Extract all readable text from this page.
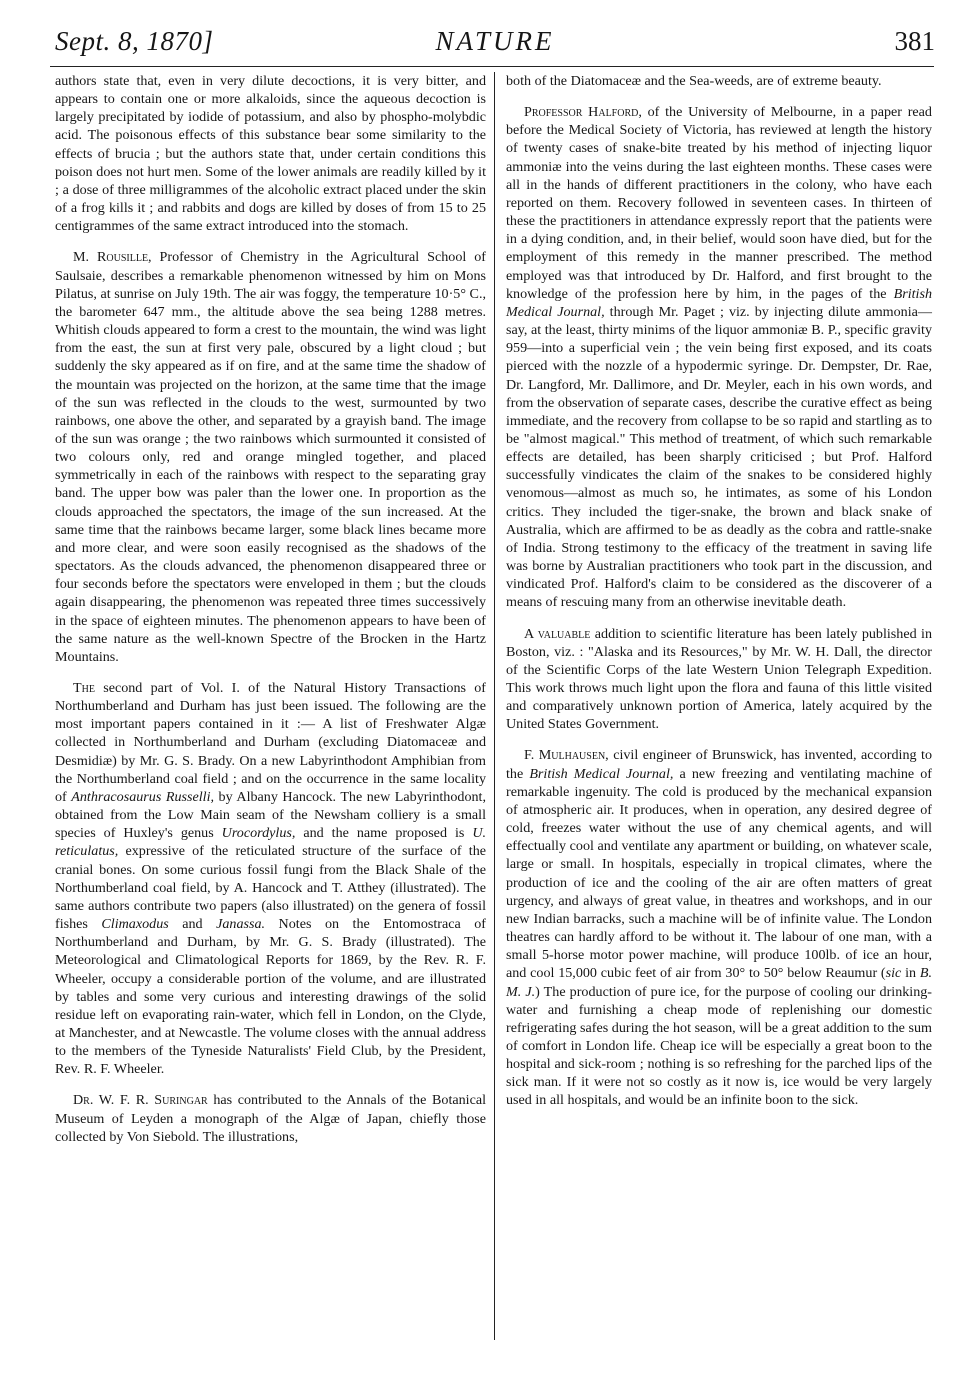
Sept. 8, 1870]	NATURE	381

authors state that, even in very dilute decoctions, it is very bitter, and appears to contain one or more alkaloids, since the aqueous decoction is largely precipitated by iodide of potassium, and also by phospho-molybdic acid. The poisonous effects of this substance bear some similarity to the effects of brucia ; but the authors state that, under certain conditions this poison does not hurt men. Some of the lower animals are readily killed by it ; a dose of three milligrammes of the alcoholic extract placed under the skin of a frog kills it ; and rabbits and dogs are killed by doses of from 15 to 25 centigrammes of the same extract introduced into the stomach.

M. Rousille, Professor of Chemistry in the Agricultural School of Saulsaie, describes a remarkable phenomenon witnessed by him on Mons Pilatus, at sunrise on July 19th. The air was foggy, the temperature 10·5° C., the barometer 647 mm., the altitude above the sea being 1288 metres. Whitish clouds appeared to form a crest to the mountain, the wind was light from the east, the sun at first very pale, obscured by a light cloud ; but suddenly the sky appeared as if on fire, and at the same time the shadow of the mountain was projected on the horizon, at the same time that the image of the sun was reflected in the clouds to the west, surmounted by two rainbows, one above the other, and separated by a grayish band. The image of the sun was orange ; the two rainbows which surmounted it consisted of two colours only, red and orange mingled together, and placed symmetrically in each of the rainbows with respect to the separating gray band. The upper bow was paler than the lower one. In proportion as the clouds approached the spectators, the image of the sun increased. At the same time that the rainbows became larger, some black lines became more and more clear, and were soon easily recognised as the shadows of the spectators. As the clouds advanced, the phenomenon disappeared three or four seconds before the spectators were enveloped in them ; but the clouds again disappearing, the phenomenon was repeated three times successively in the space of eighteen minutes. The phenomenon appears to have been of the same nature as the well-known Spectre of the Brocken in the Hartz Mountains.

The second part of Vol. I. of the Natural History Transactions of Northumberland and Durham has just been issued. The following are the most important papers contained in it :— A list of Freshwater Algæ collected in Northumberland and Durham (excluding Diatomaceæ and Desmidiæ) by Mr. G. S. Brady. On a new Labyrinthodont Amphibian from the Northumberland coal field ; and on the occurrence in the same locality of Anthracosaurus Russelli, by Albany Hancock. The new Labyrinthodont, obtained from the Low Main seam of the Newsham colliery is a small species of Huxley's genus Urocordylus, and the name proposed is U. reticulatus, expressive of the reticulated structure of the surface of the cranial bones. On some curious fossil fungi from the Black Shale of the Northumberland coal field, by A. Hancock and T. Atthey (illustrated). The same authors contribute two papers (also illustrated) on the genera of fossil fishes Climaxodus and Janassa. Notes on the Entomostraca of Northumberland and Durham, by Mr. G. S. Brady (illustrated). The Meteorological and Climatological Reports for 1869, by the Rev. R. F. Wheeler, occupy a considerable portion of the volume, and are illustrated by tables and some very curious and interesting drawings of the solid residue left on evaporating rain-water, which fell in London, on the Clyde, at Manchester, and at Newcastle. The volume closes with the annual address to the members of the Tyneside Naturalists' Field Club, by the President, Rev. R. F. Wheeler.

Dr. W. F. R. Suringar has contributed to the Annals of the Botanical Museum of Leyden a monograph of the Algæ of Japan, chiefly those collected by Von Siebold. The illustrations,

both of the Diatomaceæ and the Sea-weeds, are of extreme beauty.

Professor Halford, of the University of Melbourne, in a paper read before the Medical Society of Victoria, has reviewed at length the history of twenty cases of snake-bite treated by his method of injecting liquor ammoniæ into the veins during the last eighteen months. These cases were all in the hands of different practitioners in the colony, who have each reported on them. Recovery followed in seventeen cases. In thirteen of these the practitioners in attendance expressly report that the patients were in a dying condition, and, in their belief, would soon have died, but for the employment of this remedy in the manner prescribed. The method employed was that introduced by Dr. Halford, and first brought to the knowledge of the profession here by him, in the pages of the British Medical Journal, through Mr. Paget ; viz. by injecting dilute ammonia—say, at the least, thirty minims of the liquor ammoniæ B. P., specific gravity 959—into a superficial vein ; the vein being first exposed, and its coats pierced with the nozzle of a hypodermic syringe. Dr. Dempster, Dr. Rae, Dr. Langford, Mr. Dallimore, and Dr. Meyler, each in his own words, and from the observation of separate cases, describe the curative effect as being immediate, and the recovery from collapse to be so rapid and startling as to be "almost magical." This method of treatment, of which such remarkable effects are detailed, has been sharply criticised ; but Prof. Halford successfully vindicates the claim of the snakes to be considered highly venomous—almost as much so, he intimates, as some of his London critics. They included the tiger-snake, the brown and black snake of Australia, which are affirmed to be as deadly as the cobra and rattle-snake of India. Strong testimony to the efficacy of the treatment in saving life was borne by Australian practitioners who took part in the discussion, and vindicated Prof. Halford's claim to be considered as the discoverer of a means of rescuing many from an otherwise inevitable death.

A valuable addition to scientific literature has been lately published in Boston, viz. : "Alaska and its Resources," by Mr. W. H. Dall, the director of the Scientific Corps of the late Western Union Telegraph Expedition. This work throws much light upon the flora and fauna of this little visited and comparatively unknown portion of America, lately acquired by the United States Government.

F. Mulhausen, civil engineer of Brunswick, has invented, according to the British Medical Journal, a new freezing and ventilating machine of remarkable ingenuity. The cold is produced by the mechanical expansion of atmospheric air. It produces, when in operation, any desired degree of cold, freezes water without the use of any chemical agents, and will effectually cool and ventilate any apartment or building, on whatever scale, large or small. In hospitals, especially in tropical climates, where the production of ice and the cooling of the air are often matters of great urgency, and always of great value, in theatres and workshops, and in our new Indian barracks, such a machine will be of infinite value. The London theatres can hardly afford to be without it. The labour of one man, with a small 5-horse motor power machine, will produce 100lb. of ice an hour, and cool 15,000 cubic feet of air from 30° to 50° below Reaumur (sic in B. M. J.) The production of pure ice, for the purpose of cooling our drinking-water and furnishing a cheap mode of replenishing our domestic refrigerating safes during the hot season, will be a great addition to the sum of comfort in London life. Cheap ice will be especially a great boon to the hospital and sick-room ; nothing is so refreshing for the parched lips of the sick man. If it were not so costly as it now is, ice would be very largely used in all hospitals, and would be an infinite boon to the sick.
